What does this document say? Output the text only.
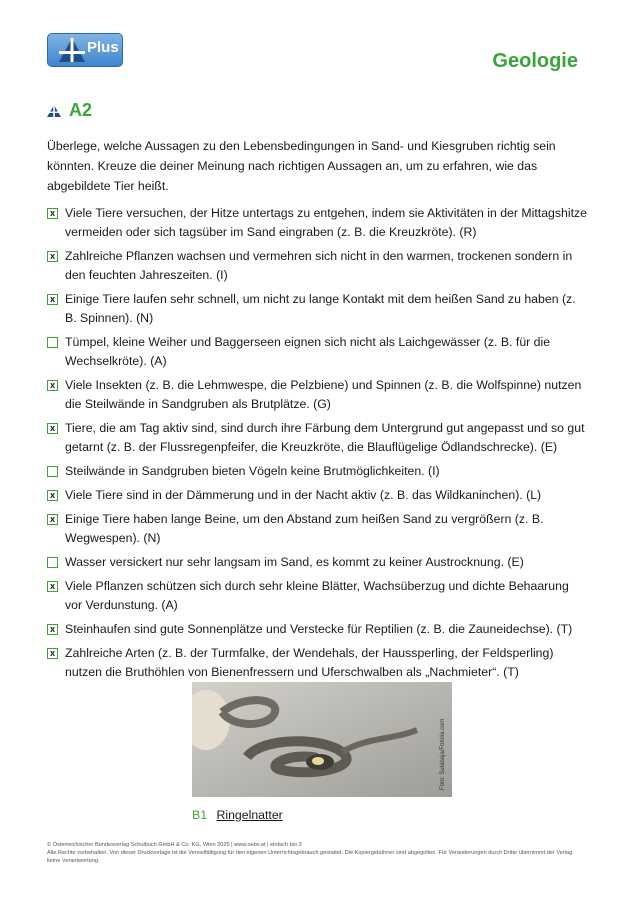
Plus
Geologie
A2
Überlege, welche Aussagen zu den Lebensbedingungen in Sand- und Kiesgruben richtig sein könnten. Kreuze die deiner Meinung nach richtigen Aussagen an, um zu erfahren, wie das abgebildete Tier heißt.
x Viele Tiere versuchen, der Hitze untertags zu entgehen, indem sie Aktivitäten in der Mittagshitze vermeiden oder sich tagsüber im Sand eingraben (z. B. die Kreuzkröte). (R)
x Zahlreiche Pflanzen wachsen und vermehren sich nicht in den warmen, trockenen sondern in den feuchten Jahreszeiten. (I)
x Einige Tiere laufen sehr schnell, um nicht zu lange Kontakt mit dem heißen Sand zu haben (z. B. Spinnen). (N)
Tümpel, kleine Weiher und Baggerseen eignen sich nicht als Laichgewässer (z. B. für die Wechselkröte). (A)
x Viele Insekten (z. B. die Lehmwespe, die Pelzbiene) und Spinnen (z. B. die Wolfspinne) nutzen die Steilwände in Sandgruben als Brutplätze. (G)
x Tiere, die am Tag aktiv sind, sind durch ihre Färbung dem Untergrund gut angepasst und so gut getarnt (z. B. der Flussregenpfeifer, die Kreuzkröte, die Blauflügelige Ödlandschrecke). (E)
Steilwände in Sandgruben bieten Vögeln keine Brutmöglichkeiten. (I)
x Viele Tiere sind in der Dämmerung und in der Nacht aktiv (z. B. das Wildkaninchen). (L)
x Einige Tiere haben lange Beine, um den Abstand zum heißen Sand zu vergrößern (z. B. Wegwespen). (N)
Wasser versickert nur sehr langsam im Sand, es kommt zu keiner Austrocknung. (E)
x Viele Pflanzen schützen sich durch sehr kleine Blätter, Wachsüberzug und dichte Behaarung vor Verdunstung. (A)
x Steinhaufen sind gute Sonnenplätze und Verstecke für Reptilien (z. B. die Zauneidechse). (T)
x Zahlreiche Arten (z. B. der Turmfalke, der Wendehals, der Haussperling, der Feldsperling) nutzen die Bruthöhlen von Bienenfressern und Uferschwalben als „Nachmieter“. (T)
Foto: Sulabaja/Fotolia.com
B1 Ringelnatter
© Österreichischer Bundesverlag Schulbuch GmbH & Co. KG, Wien 2025 | www.oebv.at | einfach bio 3
Alle Rechte vorbehalten. Von dieser Druckvorlage ist die Vervielfältigung für den eigenen Unterrichtsgebrauch gestattet. Die Kopiergebühren sind abgegolten. Für Veränderungen durch Dritte übernimmt der Verlag keine Verantwortung.
